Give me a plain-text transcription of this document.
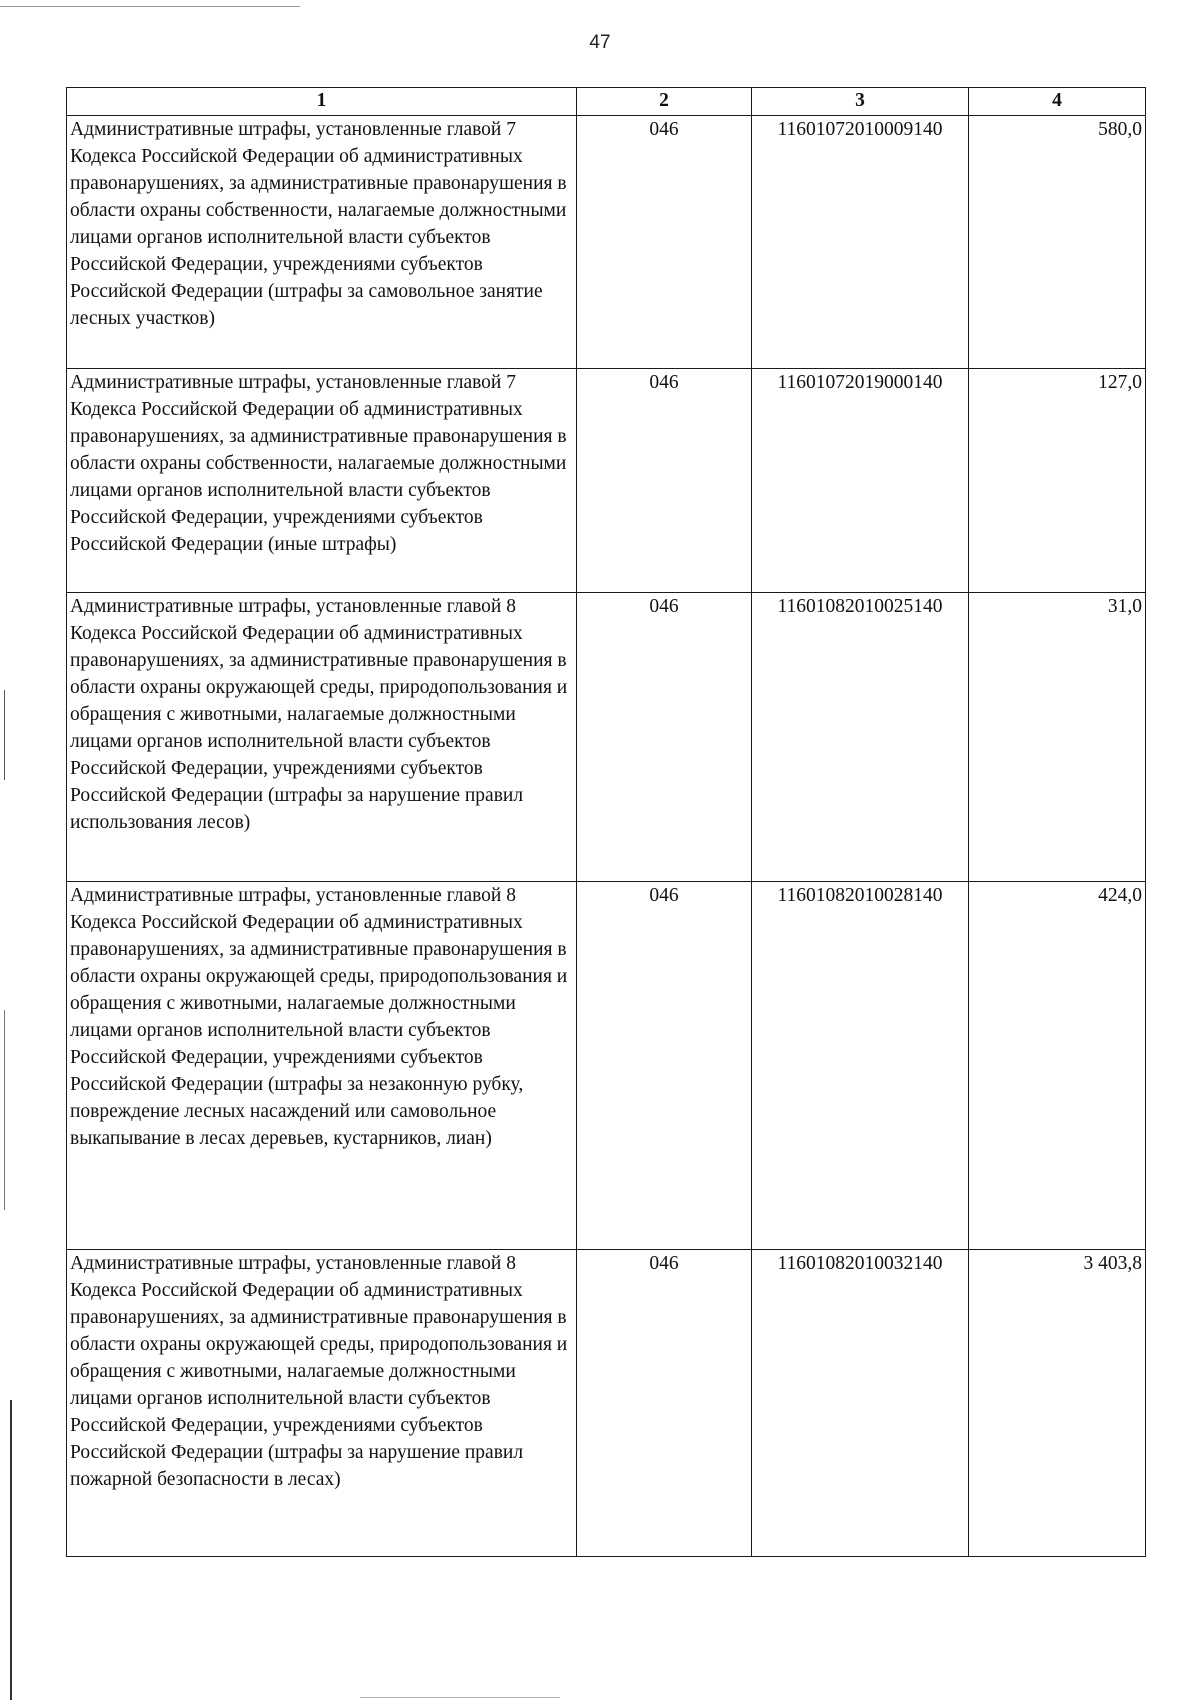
47
1	2	3	4
Административные штрафы, установленные главой 7 Кодекса Российской Федерации об административных правонарушениях, за административные правонарушения в области охраны собственности, налагаемые должностными лицами органов исполнительной власти субъектов Российской Федерации, учреждениями субъектов Российской Федерации (штрафы за самовольное занятие лесных участков)	046	11601072010009140	580,0
Административные штрафы, установленные главой 7 Кодекса Российской Федерации об административных правонарушениях, за административные правонарушения в области охраны собственности, налагаемые должностными лицами органов исполнительной власти субъектов Российской Федерации, учреждениями субъектов Российской Федерации (иные штрафы)	046	11601072019000140	127,0
Административные штрафы, установленные главой 8 Кодекса Российской Федерации об административных правонарушениях, за административные правонарушения в области охраны окружающей среды, природопользования и обращения с животными, налагаемые должностными лицами органов исполнительной власти субъектов Российской Федерации, учреждениями субъектов Российской Федерации (штрафы за нарушение правил использования лесов)	046	11601082010025140	31,0
Административные штрафы, установленные главой 8 Кодекса Российской Федерации об административных правонарушениях, за административные правонарушения в области охраны окружающей среды, природопользования и обращения с животными, налагаемые должностными лицами органов исполнительной власти субъектов Российской Федерации, учреждениями субъектов Российской Федерации (штрафы за незаконную рубку, повреждение лесных насаждений или самовольное выкапывание в лесах деревьев, кустарников, лиан)	046	11601082010028140	424,0
Административные штрафы, установленные главой 8 Кодекса Российской Федерации об административных правонарушениях, за административные правонарушения в области охраны окружающей среды, природопользования и обращения с животными, налагаемые должностными лицами органов исполнительной власти субъектов Российской Федерации, учреждениями субъектов Российской Федерации (штрафы за нарушение правил пожарной безопасности в лесах)	046	11601082010032140	3 403,8
